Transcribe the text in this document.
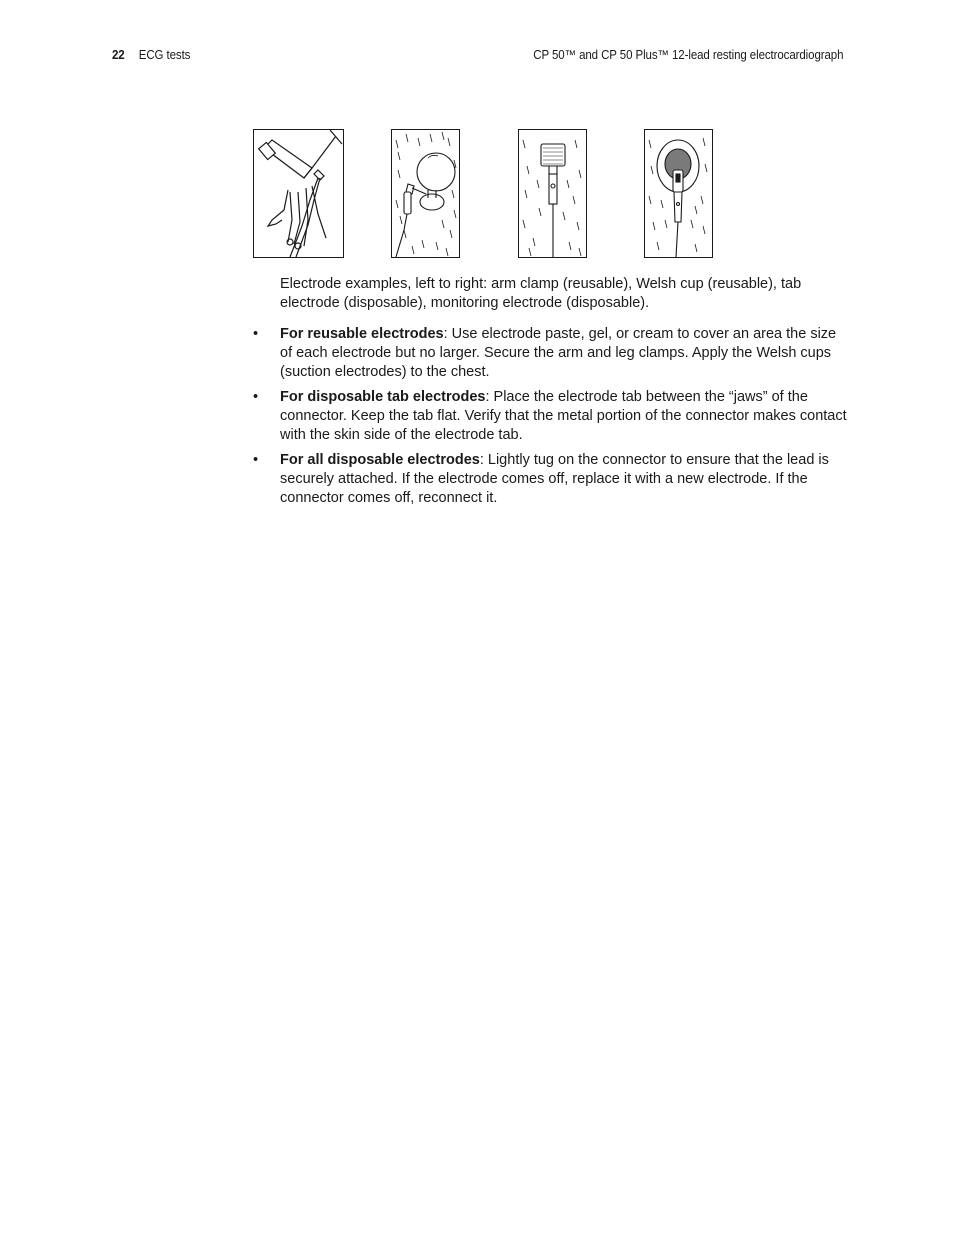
22 ECG tests	CP 50™ and CP 50 Plus™ 12-lead resting electrocardiograph
Electrode examples, left to right: arm clamp (reusable), Welsh cup (reusable), tab electrode (disposable), monitoring electrode (disposable).
• For reusable electrodes: Use electrode paste, gel, or cream to cover an area the size of each electrode but no larger. Secure the arm and leg clamps. Apply the Welsh cups (suction electrodes) to the chest.
• For disposable tab electrodes: Place the electrode tab between the “jaws” of the connector. Keep the tab flat. Verify that the metal portion of the connector makes contact with the skin side of the electrode tab.
• For all disposable electrodes: Lightly tug on the connector to ensure that the lead is securely attached. If the electrode comes off, replace it with a new electrode. If the connector comes off, reconnect it.
